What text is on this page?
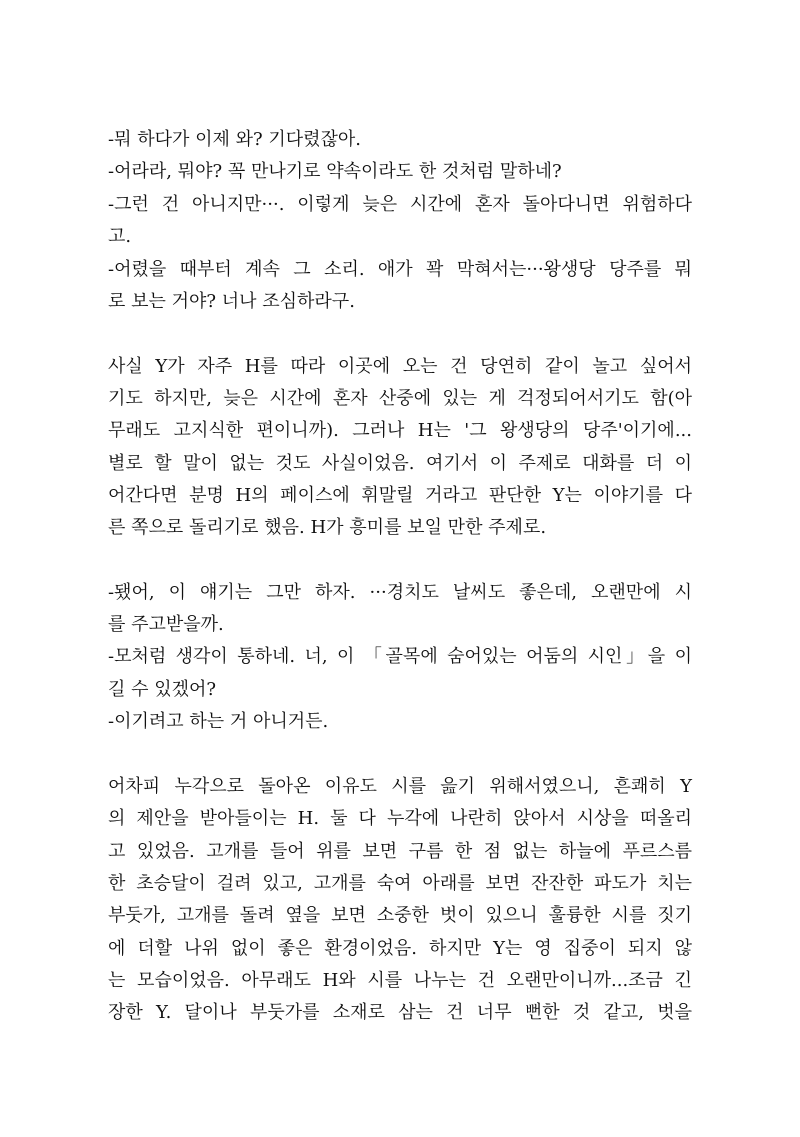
-뭐 하다가 이제 와? 기다렸잖아.

-어라라, 뭐야? 꼭 만나기로 약속이라도 한 것처럼 말하네?

-그런 건 아니지만···. 이렇게 늦은 시간에 혼자 돌아다니면 위험하다

고.

-어렸을 때부터 계속 그 소리. 애가 꽉 막혀서는···왕생당 당주를 뭐

로 보는 거야? 너나 조심하라구.

사실 Y가 자주 H를 따라 이곳에 오는 건 당연히 같이 놀고 싶어서

기도 하지만, 늦은 시간에 혼자 산중에 있는 게 걱정되어서기도 함(아

무래도 고지식한 편이니까). 그러나 H는 '그 왕생당의 당주'이기에...

별로 할 말이 없는 것도 사실이었음. 여기서 이 주제로 대화를 더 이

어간다면 분명 H의 페이스에 휘말릴 거라고 판단한 Y는 이야기를 다

른 쪽으로 돌리기로 했음. H가 흥미를 보일 만한 주제로.

-됐어, 이 얘기는 그만 하자. ···경치도 날씨도 좋은데, 오랜만에 시

를 주고받을까.

-모처럼 생각이 통하네. 너, 이 「골목에 숨어있는 어둠의 시인」을 이

길 수 있겠어?

-이기려고 하는 거 아니거든.

어차피 누각으로 돌아온 이유도 시를 읊기 위해서였으니, 흔쾌히 Y

의 제안을 받아들이는 H. 둘 다 누각에 나란히 앉아서 시상을 떠올리

고 있었음. 고개를 들어 위를 보면 구름 한 점 없는 하늘에 푸르스름

한 초승달이 걸려 있고, 고개를 숙여 아래를 보면 잔잔한 파도가 치는

부둣가, 고개를 돌려 옆을 보면 소중한 벗이 있으니 훌륭한 시를 짓기

에 더할 나위 없이 좋은 환경이었음. 하지만 Y는 영 집중이 되지 않

는 모습이었음. 아무래도 H와 시를 나누는 건 오랜만이니까...조금 긴

장한 Y. 달이나 부둣가를 소재로 삼는 건 너무 뻔한 것 같고, 벗을
